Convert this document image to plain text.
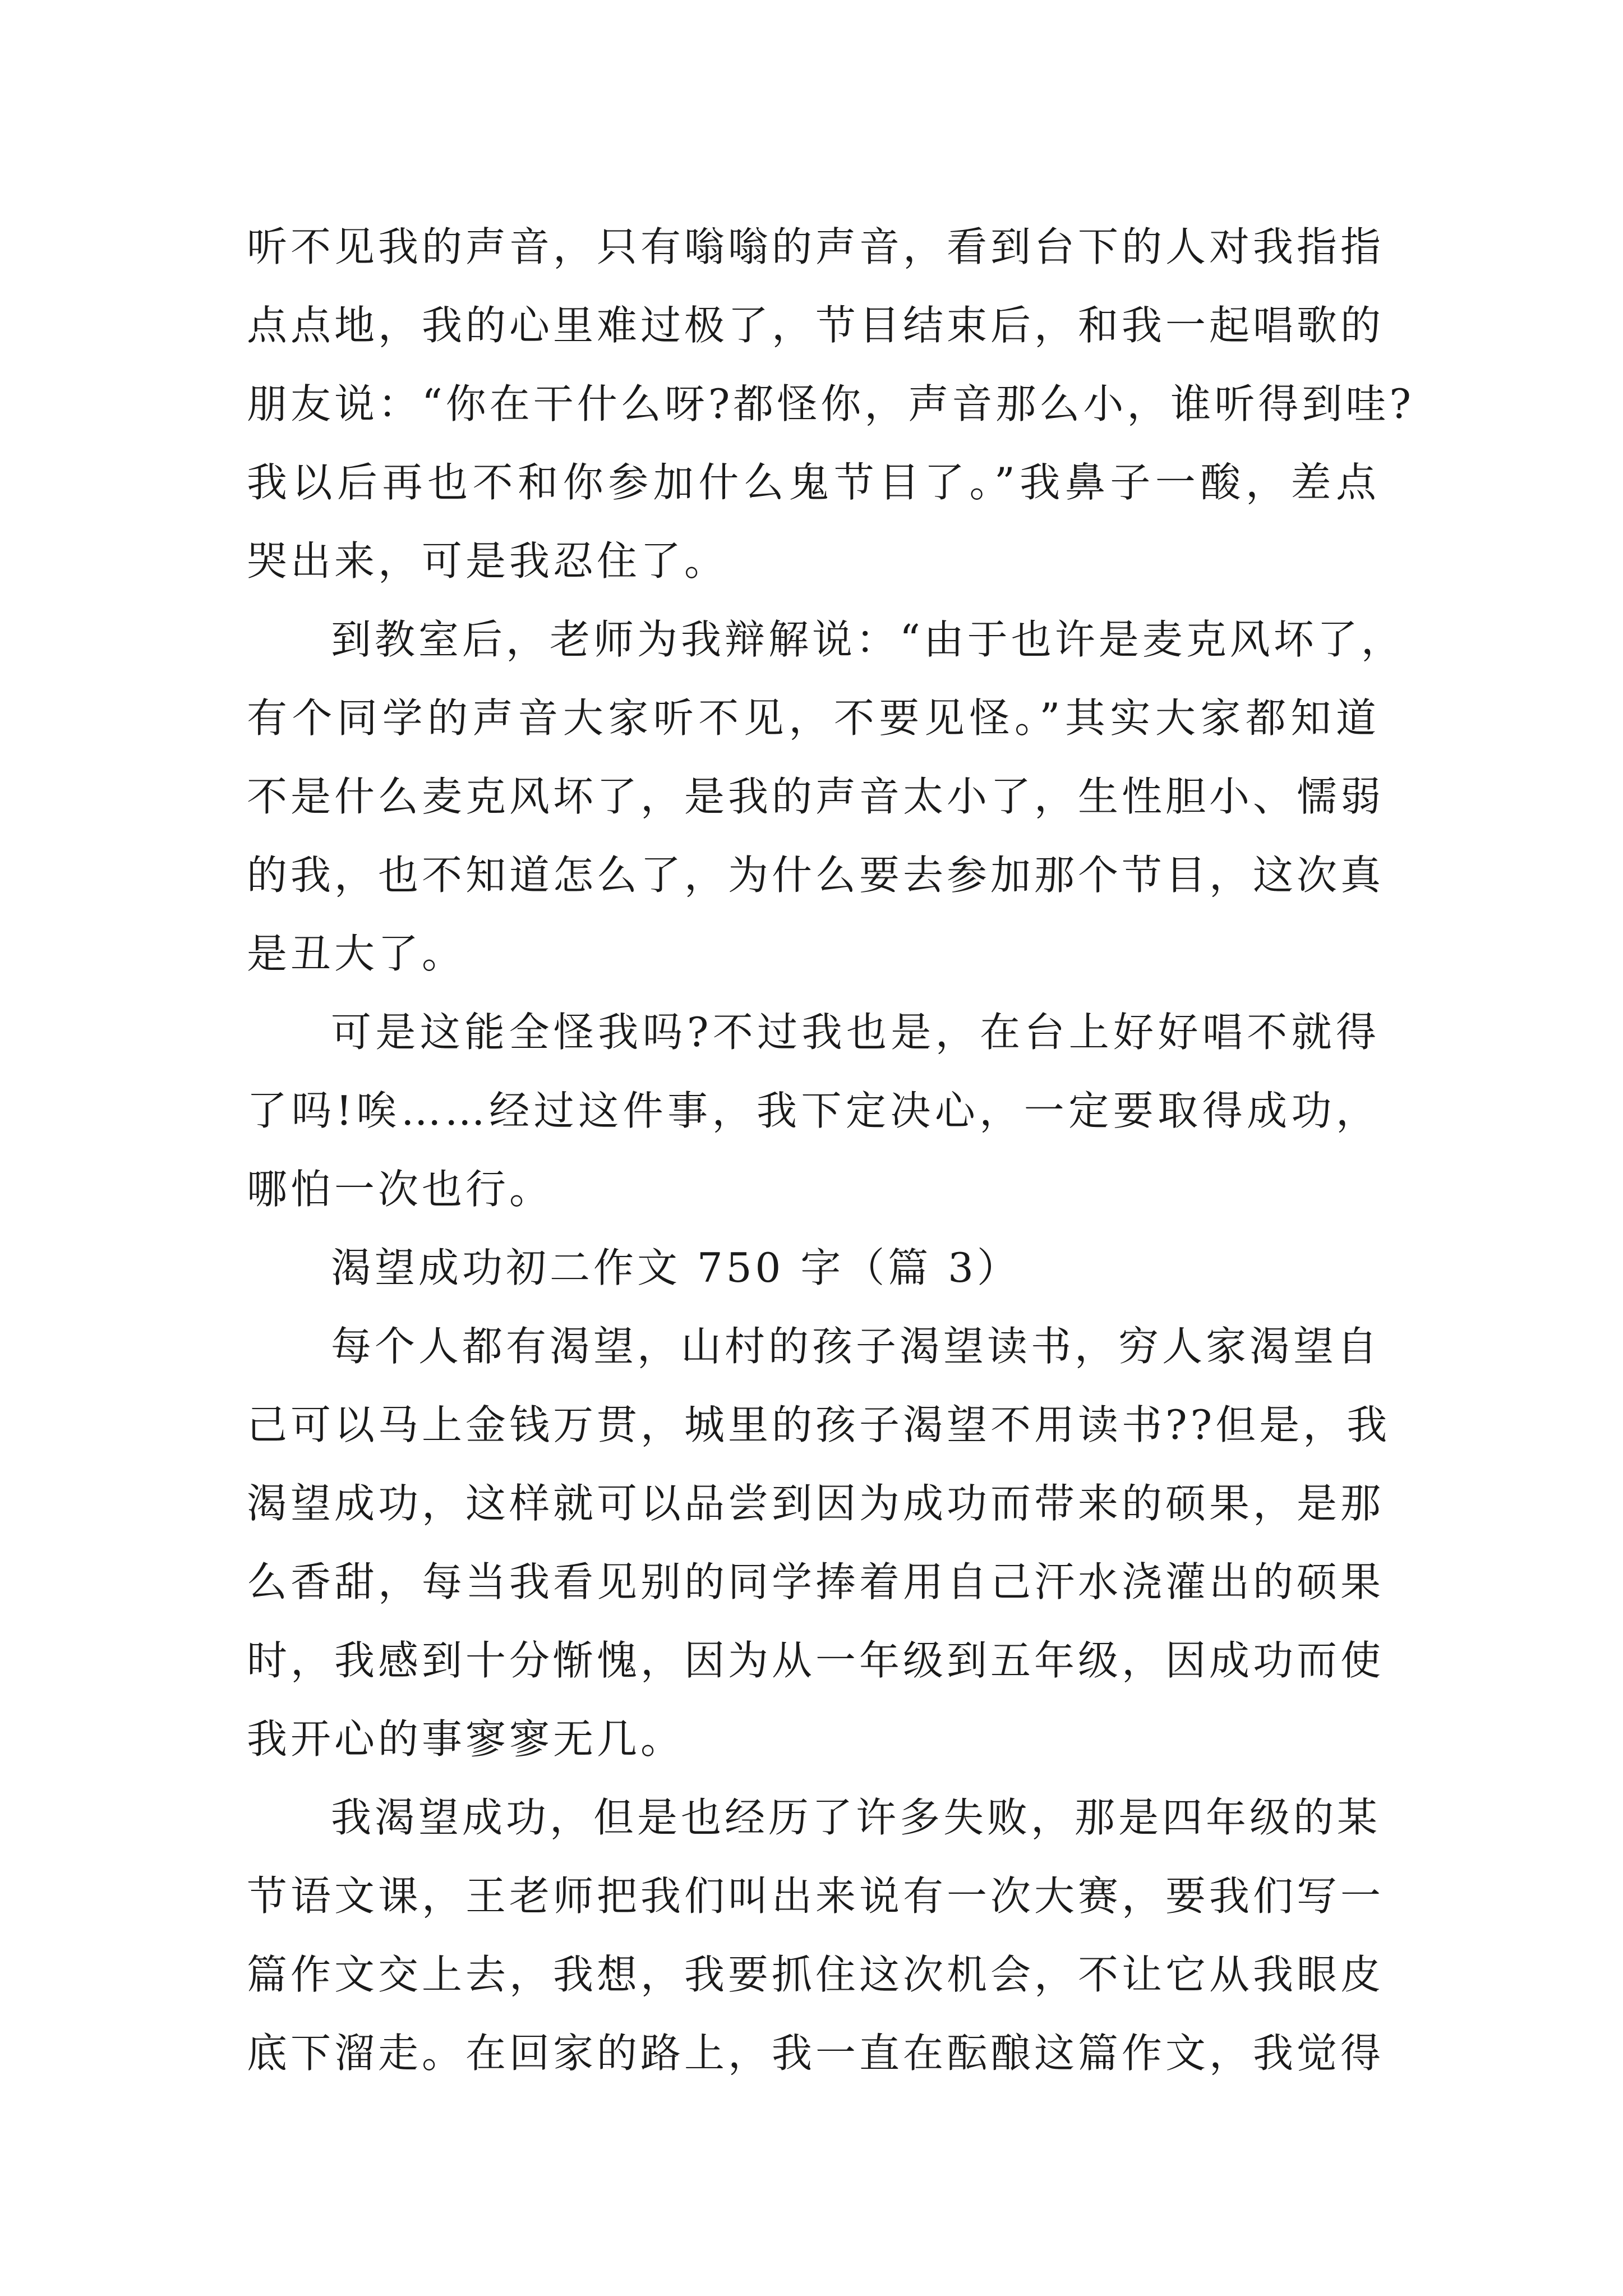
听不见我的声音，只有嗡嗡的声音，看到台下的人对我指指
点点地，我的心里难过极了，节目结束后，和我一起唱歌的
朋友说：“你在干什么呀?都怪你，声音那么小，谁听得到哇?
我以后再也不和你参加什么鬼节目了。”我鼻子一酸，差点
哭出来，可是我忍住了。
到教室后，老师为我辩解说：“由于也许是麦克风坏了，
有个同学的声音大家听不见，不要见怪。”其实大家都知道
不是什么麦克风坏了，是我的声音太小了，生性胆小、懦弱
的我，也不知道怎么了，为什么要去参加那个节目，这次真
是丑大了。
可是这能全怪我吗?不过我也是，在台上好好唱不就得
了吗!唉……经过这件事，我下定决心，一定要取得成功，
哪怕一次也行。
渴望成功初二作文 750 字（篇 3）
每个人都有渴望，山村的孩子渴望读书，穷人家渴望自
己可以马上金钱万贯，城里的孩子渴望不用读书??但是，我
渴望成功，这样就可以品尝到因为成功而带来的硕果，是那
么香甜，每当我看见别的同学捧着用自己汗水浇灌出的硕果
时，我感到十分惭愧，因为从一年级到五年级，因成功而使
我开心的事寥寥无几。
我渴望成功，但是也经历了许多失败，那是四年级的某
节语文课，王老师把我们叫出来说有一次大赛，要我们写一
篇作文交上去，我想，我要抓住这次机会，不让它从我眼皮
底下溜走。在回家的路上，我一直在酝酿这篇作文，我觉得
